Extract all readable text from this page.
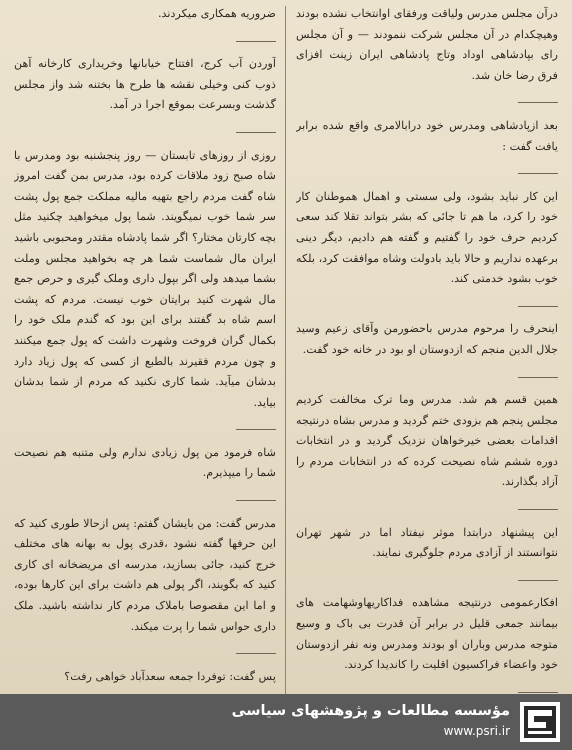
درآن مجلس مدرس ولیاقت ورفقای اوانتخاب نشده بودند وهیچکدام در آن مجلس شرکت ننمودند — و آن مجلس رای بپادشاهی اوداد وتاج پادشاهی ایران زینت افزای فرق رضا خان شد.

بعد ازپادشاهی ومدرس خود درابالامری واقع شده برابر یافت گفت :

این کار نباید بشود، ولی سستی و اهمال هموطنان کار خود را کرد، ما هم تا جائی که بشر بتواند تقلا کند سعی کردیم حرف خود را گفتیم و گفته هم دادیم، دیگر دینی برعهده نداریم و حالا باید بادولت وشاه موافقت کرد، بلکه خوب بشود خدمتی کند.

اینحرف را مرحوم مدرس باحضورمن وآقای زعیم وسید جلال الدین منجم که ازدوستان او بود در خانه خود گفت.

همین قسم هم شد. مدرس وما ترک مخالفت کردیم مجلس پنجم هم بزودی ختم گردید و مدرس بشاه درنتیجه اقدامات بعضی خیرخواهان نزدیک گردید و در انتخابات دوره ششم شاه نصیحت کرده که در انتخابات مردم را آزاد بگذارند.

این پیشنهاد درابتدا موثر نیفتاد اما در شهر تهران نتوانستند از آزادی مردم جلوگیری نمایند.

افکارعمومی درنتیجه مشاهده فداکاریهاوشهامت های بیمانند جمعی قلیل در برابر آن قدرت بی باک و وسیع متوجه مدرس وباران او بودند ومدرس ونه نفر ازدوستان خود واعضاء فراکسیون اقلیت را کاندیدا کردند.

ضروریه همکاری میکردند.

آوردن آب کرج، افتتاح خیابانها وخریداری کارخانه آهن ذوب کنی وخیلی نقشه ها طرح ها بختنه شد واز مجلس گذشت وبسرعت بموقع اجرا در آمد.

روزی از روزهای تابستان — روز پنجشنبه بود ومدرس با شاه صبح زود ملاقات کرده بود، مدرس بمن گفت امروز شاه گفت مردم راجع بتهیه مالیه مملکت جمع پول پشت سر شما خوب نمیگویند. شما پول میخواهید چکنید مثل بچه کارتان مختار؟ اگر شما پادشاه مقتدر ومحبوبی باشید ایران مال شماست شما هر چه بخواهید مجلس وملت بشما میدهد ولی اگر بپول داری وملک گیری و حرص جمع مال شهرت کنید برایتان خوب نیست. مردم که پشت اسم شاه بد گفتند برای این بود که گندم ملک خود را بکمال گران فروخت وشهرت داشت که پول جمع میکنند و چون مردم فقیرند بالطبع از کسی که پول زیاد دارد بدشان میآید. شما کاری نکنید که مردم از شما بدشان بیاید.

شاه فرمود من پول زیادی ندارم ولی متنبه هم نصیحت شما را میپذیرم.

مدرس گفت: من بایشان گفتم: پس ازحالا طوری کنید که این حرفها گفته نشود ،قدری پول به بهانه های مختلف خرج کنید، جائی بسازید، مدرسه ای مریضخانه ای کاری کنید که بگویند، اگر پولی هم داشت برای این کارها بوده، و اما این مقصوصا باملاک مردم کار نداشته باشید. ملک داری حواس شما را پرت میکند.

پس گفت: توفردا جمعه سعدآباد خواهی رفت؟

مؤسسه مطالعات و پژوهشهای سیاسی
www.psri.ir
